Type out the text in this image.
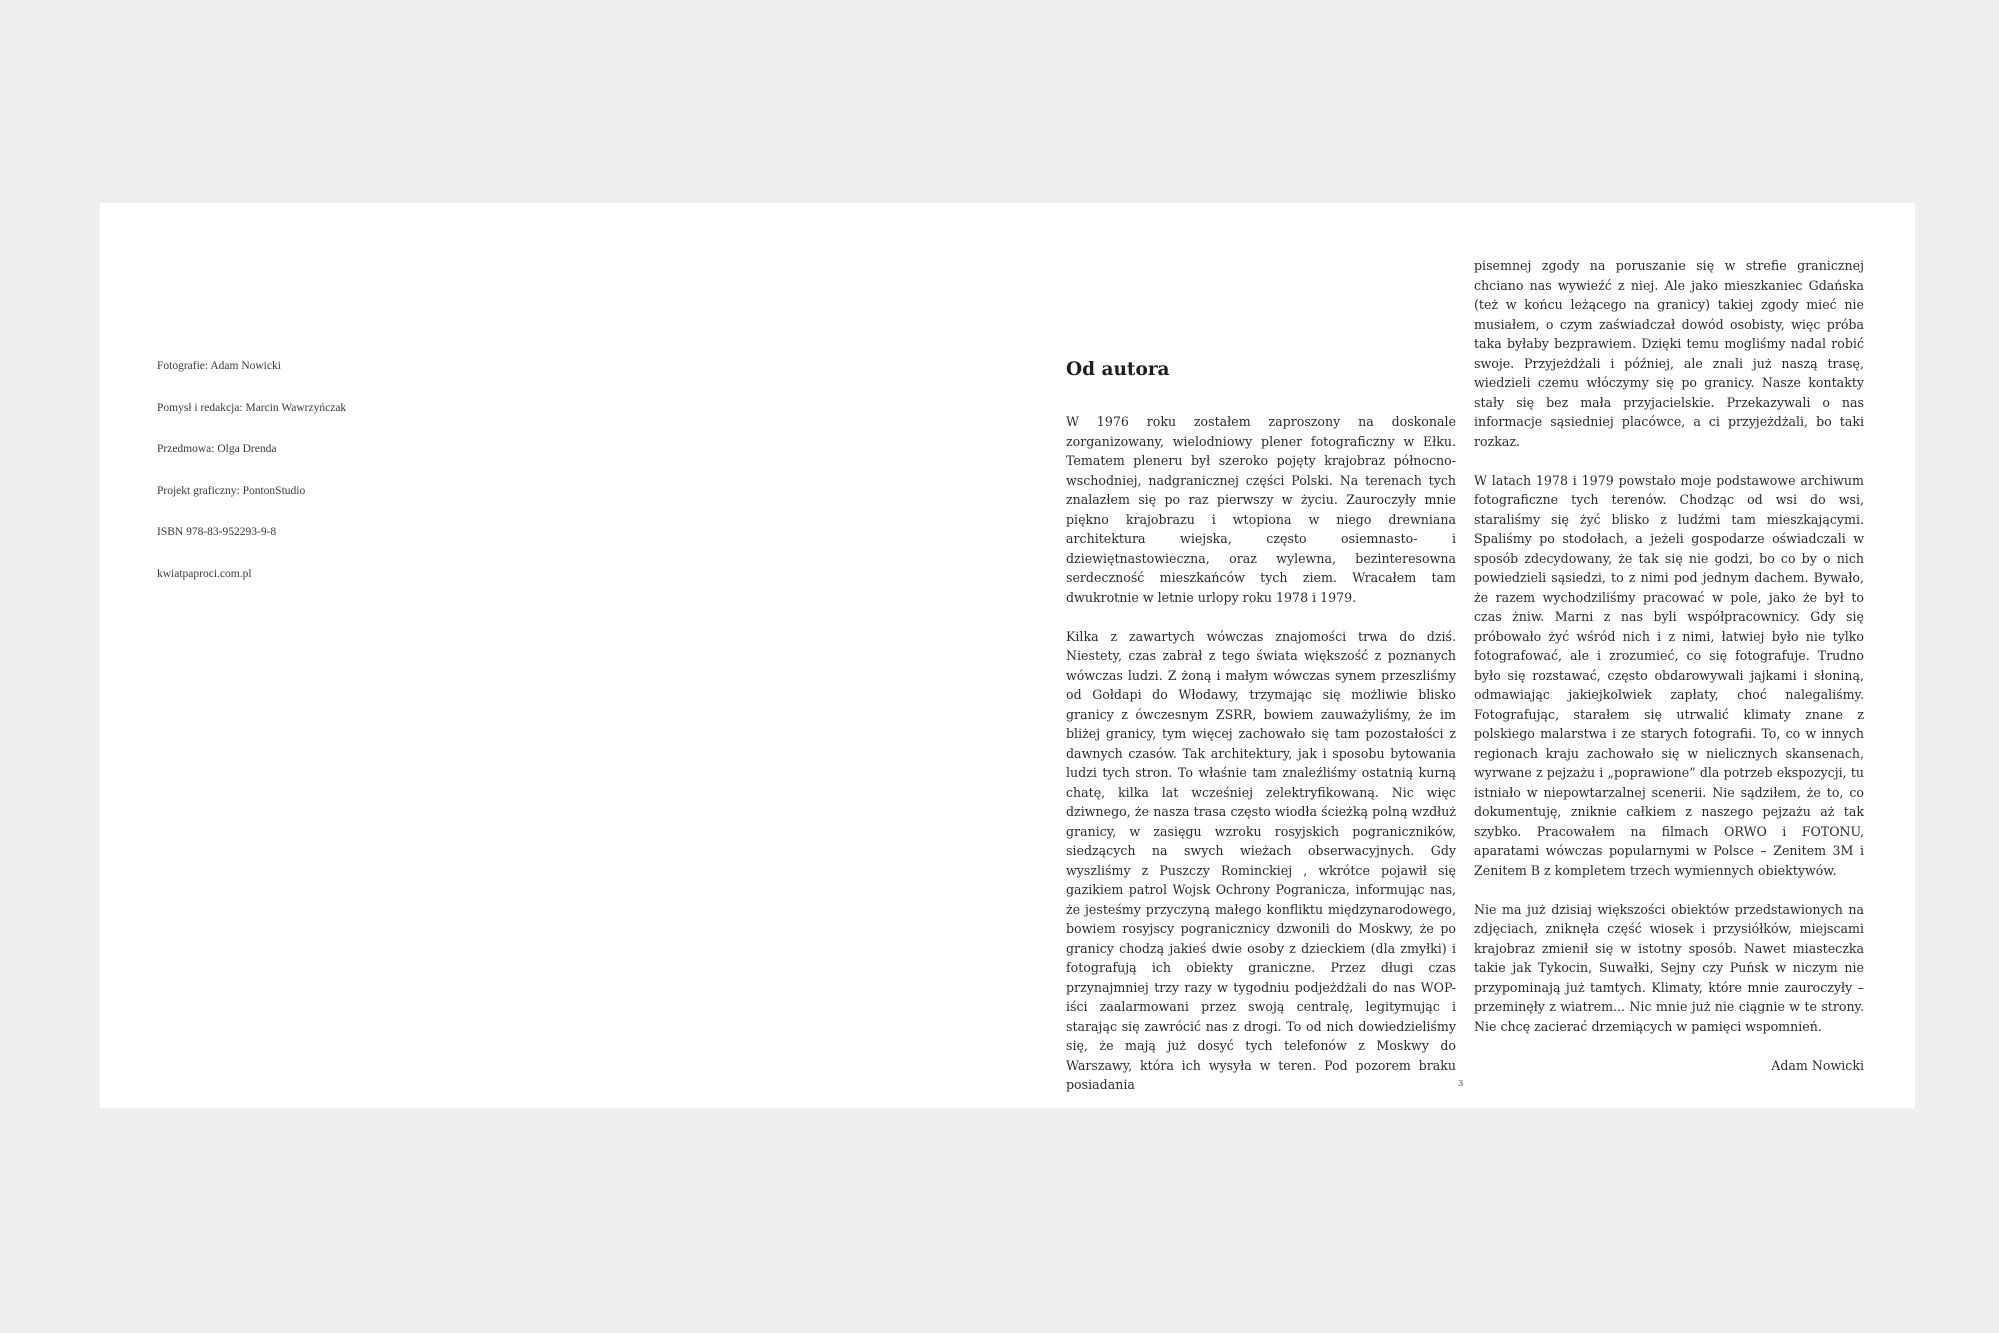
Fotografie: Adam Nowicki

Pomysł i redakcja: Marcin Wawrzyńczak

Przedmowa: Olga Drenda

Projekt graficzny: PontonStudio

ISBN 978-83-952293-9-8

kwiatpaproci.com.pl

Od autora

W 1976 roku zostałem zaproszony na doskonale zorganizowany, wielodniowy plener fotograficzny w Ełku. Tematem pleneru był szeroko pojęty krajobraz północno-wschodniej, nadgranicznej części Polski. Na terenach tych znalazłem się po raz pierwszy w życiu. Zauroczyły mnie piękno krajobrazu i wtopiona w niego drewniana architektura wiejska, często osiemnasto- i dziewiętnastowieczna, oraz wylewna, bezinteresowna serdeczność mieszkańców tych ziem. Wracałem tam dwukrotnie w letnie urlopy roku 1978 i 1979.

Kilka z zawartych wówczas znajomości trwa do dziś. Niestety, czas zabrał z tego świata większość z poznanych wówczas ludzi. Z żoną i małym wówczas synem przeszliśmy od Gołdapi do Włodawy, trzymając się możliwie blisko granicy z ówczesnym ZSRR, bowiem zauważyliśmy, że im bliżej granicy, tym więcej zachowało się tam pozostałości z dawnych czasów. Tak architektury, jak i sposobu bytowania ludzi tych stron. To właśnie tam znaleźliśmy ostatnią kurną chatę, kilka lat wcześniej zelektryfikowaną. Nic więc dziwnego, że nasza trasa często wiodła ścieżką polną wzdłuż granicy, w zasięgu wzroku rosyjskich pograniczników, siedzących na swych wieżach obserwacyjnych. Gdy wyszliśmy z Puszczy Rominckiej , wkrótce pojawił się gazikiem patrol Wojsk Ochrony Pogranicza, informując nas, że jesteśmy przyczyną małego konfliktu międzynarodowego, bowiem rosyjscy pogranicznicy dzwonili do Moskwy, że po granicy chodzą jakieś dwie osoby z dzieckiem (dla zmyłki) i fotografują ich obiekty graniczne. Przez długi czas przynajmniej trzy razy w tygodniu podjeżdżali do nas WOP-iści zaalarmowani przez swoją centralę, legitymując i starając się zawrócić nas z drogi. To od nich dowiedzieliśmy się, że mają już dosyć tych telefonów z Moskwy do Warszawy, która ich wysyła w teren. Pod pozorem braku posiadania

pisemnej zgody na poruszanie się w strefie granicznej chciano nas wywieźć z niej. Ale jako mieszkaniec Gdańska (też w końcu leżącego na granicy) takiej zgody mieć nie musiałem, o czym zaświadczał dowód osobisty, więc próba taka byłaby bezprawiem. Dzięki temu mogliśmy nadal robić swoje. Przyjeżdżali i później, ale znali już naszą trasę, wiedzieli czemu włóczymy się po granicy. Nasze kontakty stały się bez mała przyjacielskie. Przekazywali o nas informacje sąsiedniej placówce, a ci przyjeżdżali, bo taki rozkaz.

W latach 1978 i 1979 powstało moje podstawowe archiwum fotograficzne tych terenów. Chodząc od wsi do wsi, staraliśmy się żyć blisko z ludźmi tam mieszkającymi. Spaliśmy po stodołach, a jeżeli gospodarze oświadczali w sposób zdecydowany, że tak się nie godzi, bo co by o nich powiedzieli sąsiedzi, to z nimi pod jednym dachem. Bywało, że razem wychodziliśmy pracować w pole, jako że był to czas żniw. Marni z nas byli współpracownicy. Gdy się próbowało żyć wśród nich i z nimi, łatwiej było nie tylko fotografować, ale i zrozumieć, co się fotografuje. Trudno było się rozstawać, często obdarowywali jajkami i słoniną, odmawiając jakiejkolwiek zapłaty, choć nalegaliśmy. Fotografując, starałem się utrwalić klimaty znane z polskiego malarstwa i ze starych fotografii. To, co w innych regionach kraju zachowało się w nielicznych skansenach, wyrwane z pejzażu i „poprawione” dla potrzeb ekspozycji, tu istniało w niepowtarzalnej scenerii. Nie sądziłem, że to, co dokumentuję, zniknie całkiem z naszego pejzażu aż tak szybko. Pracowałem na filmach ORWO i FOTONU, aparatami wówczas popularnymi w Polsce – Zenitem 3M i Zenitem B z kompletem trzech wymiennych obiektywów.

Nie ma już dzisiaj większości obiektów przedstawionych na zdjęciach, zniknęła część wiosek i przysiółków, miejscami krajobraz zmienił się w istotny sposób. Nawet miasteczka takie jak Tykocin, Suwałki, Sejny czy Puńsk w niczym nie przypominają już tamtych. Klimaty, które mnie zauroczyły – przeminęły z wiatrem... Nic mnie już nie ciągnie w te strony. Nie chcę zacierać drzemiących w pamięci wspomnień.

Adam Nowicki

3
